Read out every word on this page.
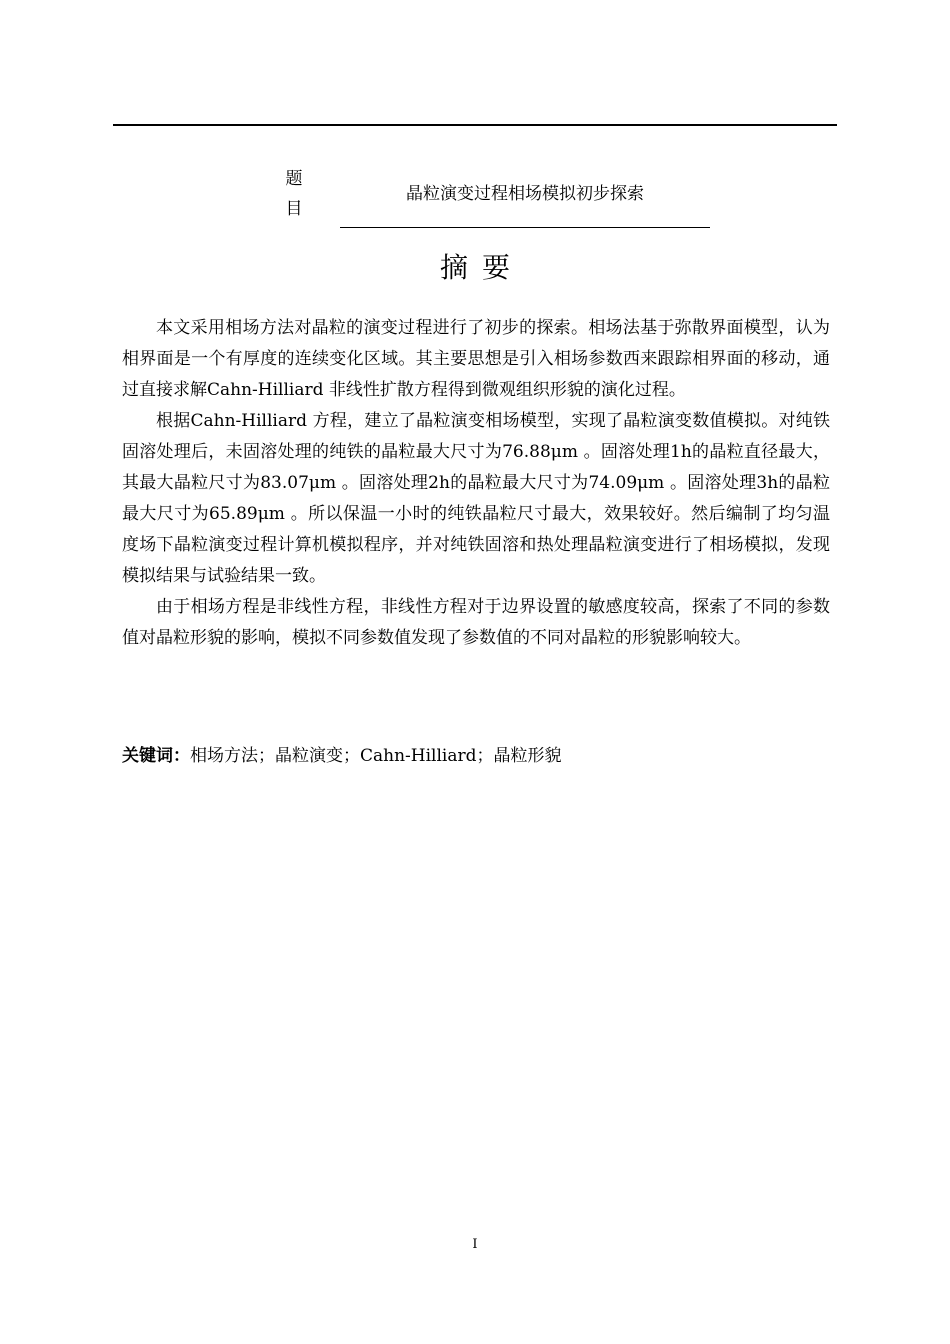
题
目
晶粒演变过程相场模拟初步探索
摘要

本文采用相场方法对晶粒的演变过程进行了初步的探索。相场法基于弥散界面模型，认为相界面是一个有厚度的连续变化区域。其主要思想是引入相场参数西来跟踪相界面的移动，通过直接求解Cahn-Hilliard 非线性扩散方程得到微观组织形貌的演化过程。

根据Cahn-Hilliard 方程，建立了晶粒演变相场模型，实现了晶粒演变数值模拟。对纯铁固溶处理后，未固溶处理的纯铁的晶粒最大尺寸为76.88μm 。固溶处理1h的晶粒直径最大，其最大晶粒尺寸为83.07μm 。固溶处理2h的晶粒最大尺寸为74.09μm 。固溶处理3h的晶粒最大尺寸为65.89μm 。所以保温一小时的纯铁晶粒尺寸最大，效果较好。然后编制了均匀温度场下晶粒演变过程计算机模拟程序，并对纯铁固溶和热处理晶粒演变进行了相场模拟，发现模拟结果与试验结果一致。

由于相场方程是非线性方程，非线性方程对于边界设置的敏感度较高，探索了不同的参数值对晶粒形貌的影响，模拟不同参数值发现了参数值的不同对晶粒的形貌影响较大。

关键词：相场方法；晶粒演变；Cahn-Hilliard；晶粒形貌
I
